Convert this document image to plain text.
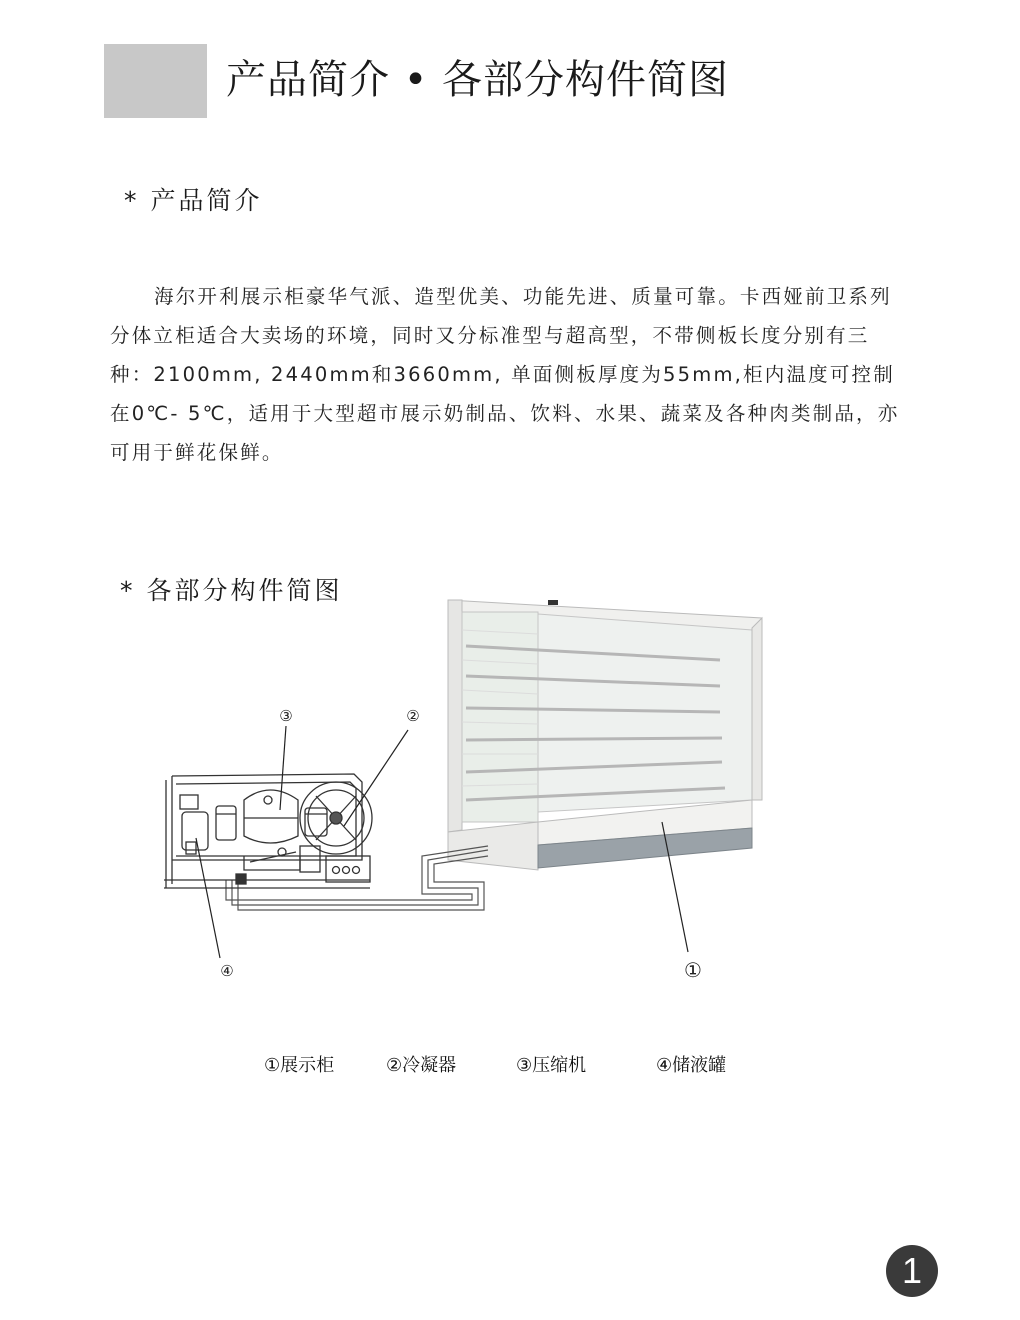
产品简介 • 各部分构件简图
* 产品简介

海尔开利展示柜豪华气派、造型优美、功能先进、质量可靠。卡西娅前卫系列分体立柜适合大卖场的环境，同时又分标准型与超高型，不带侧板长度分别有三种：2100mm, 2440mm和3660mm, 单面侧板厚度为55mm,柜内温度可控制在0℃- 5℃，适用于大型超市展示奶制品、饮料、水果、蔬菜及各种肉类制品，亦可用于鲜花保鲜。

* 各部分构件简图
③	②
④	①
①展示柜	②冷凝器	③压缩机	④储液罐
1
